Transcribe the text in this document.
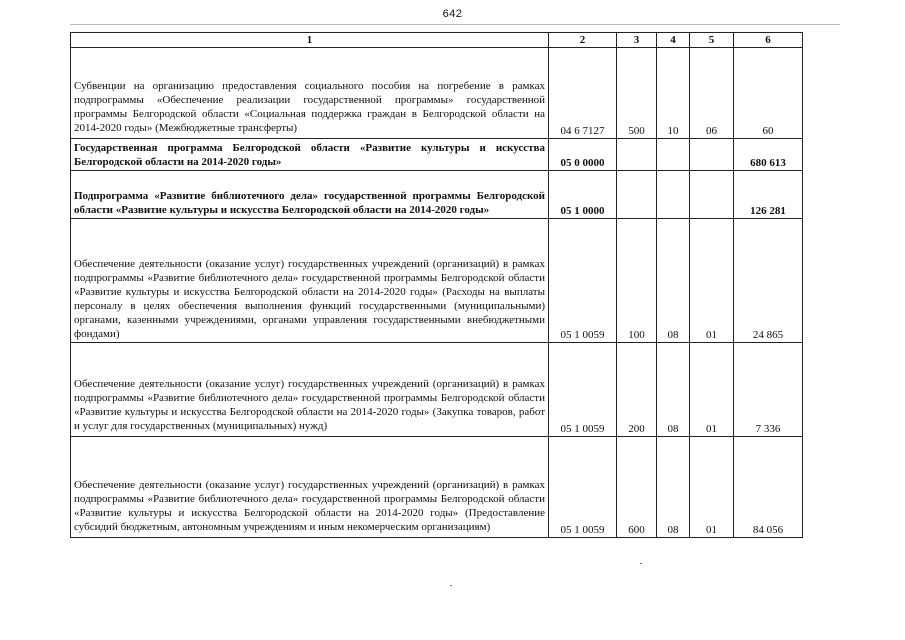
642
1	2	3	4	5	6
Субвенции на организацию предоставления социального пособия на погребение в рамках подпрограммы «Обеспечение реализации государственной программы» государственной программы Белгородской области «Социальная поддержка граждан в Белгородской области на 2014-2020 годы» (Межбюджетные трансферты)	04 6 7127	500	10	06	60
Государственная программа Белгородской области «Развитие культуры и искусства Белгородской области на 2014-2020 годы»	05 0 0000				680 613
Подпрограмма «Развитие библиотечного дела» государственной программы Белгородской области «Развитие культуры и искусства Белгородской области на 2014-2020 годы»	05 1 0000				126 281
Обеспечение деятельности (оказание услуг) государственных учреждений (организаций) в рамках подпрограммы «Развитие библиотечного дела» государственной программы Белгородской области «Развитие культуры и искусства Белгородской области на 2014-2020 годы» (Расходы на выплаты персоналу в целях обеспечения выполнения функций государственными (муниципальными) органами, казенными учреждениями, органами управления государственными внебюджетными фондами)	05 1 0059	100	08	01	24 865
Обеспечение деятельности (оказание услуг) государственных учреждений (организаций) в рамках подпрограммы «Развитие библиотечного дела» государственной программы Белгородской области «Развитие культуры и искусства Белгородской области на 2014-2020 годы» (Закупка товаров, работ и услуг для государственных (муниципальных) нужд)	05 1 0059	200	08	01	7 336
Обеспечение деятельности (оказание услуг) государственных учреждений (организаций) в рамках подпрограммы «Развитие библиотечного дела» государственной программы Белгородской области «Развитие культуры и искусства Белгородской области на 2014-2020 годы» (Предоставление субсидий бюджетным, автономным учреждениям и иным некомерческим организациям)	05 1 0059	600	08	01	84 056
